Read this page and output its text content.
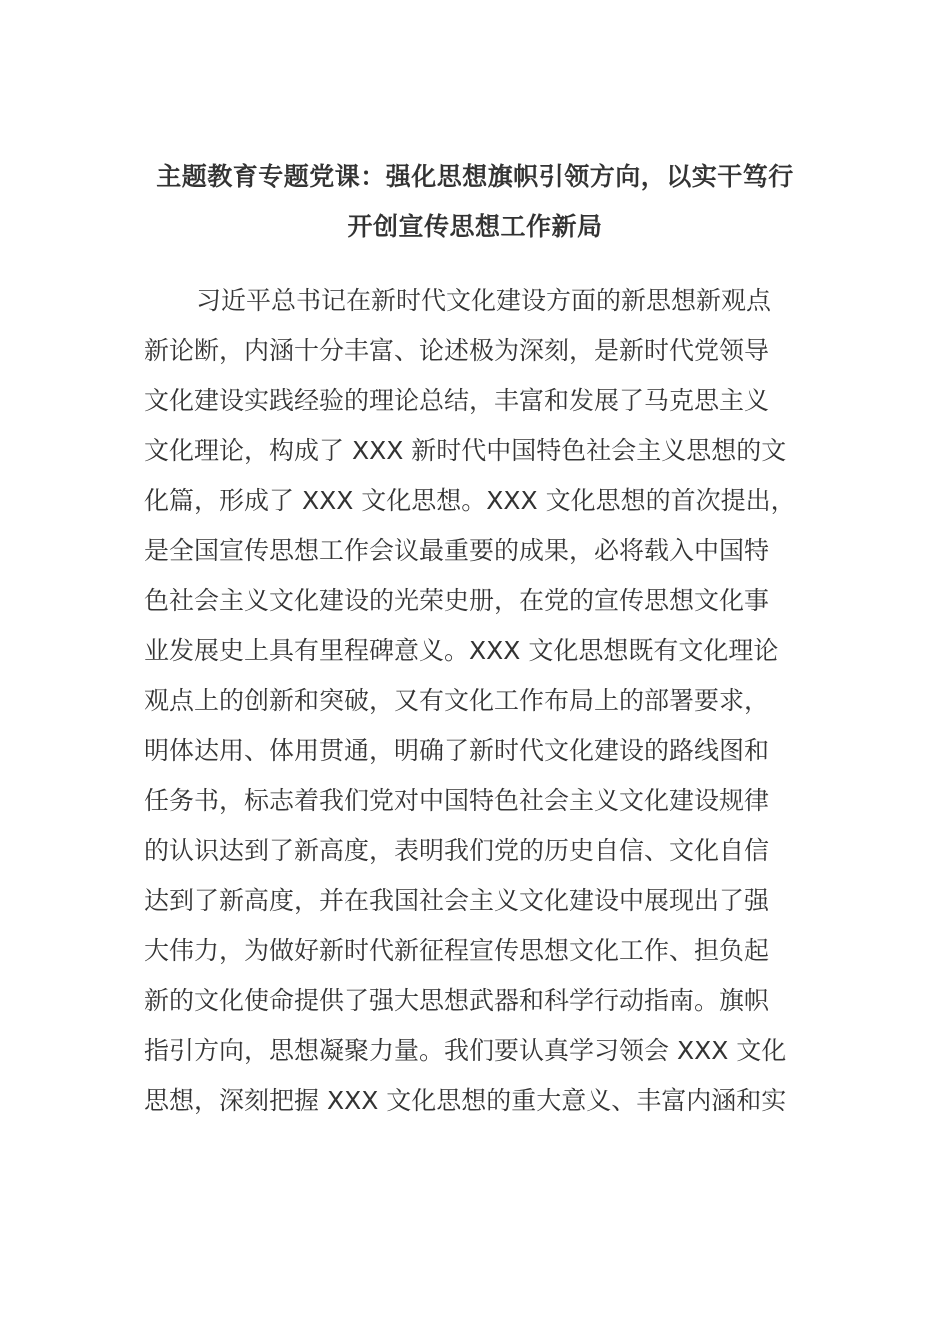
主题教育专题党课：强化思想旗帜引领方向，以实干笃行
开创宣传思想工作新局
习近平总书记在新时代文化建设方面的新思想新观点
新论断，内涵十分丰富、论述极为深刻，是新时代党领导
文化建设实践经验的理论总结，丰富和发展了马克思主义
文化理论，构成了 XXX 新时代中国特色社会主义思想的文
化篇，形成了 XXX 文化思想。XXX 文化思想的首次提出，
是全国宣传思想工作会议最重要的成果，必将载入中国特
色社会主义文化建设的光荣史册，在党的宣传思想文化事
业发展史上具有里程碑意义。XXX 文化思想既有文化理论
观点上的创新和突破，又有文化工作布局上的部署要求，
明体达用、体用贯通，明确了新时代文化建设的路线图和
任务书，标志着我们党对中国特色社会主义文化建设规律
的认识达到了新高度，表明我们党的历史自信、文化自信
达到了新高度，并在我国社会主义文化建设中展现出了强
大伟力，为做好新时代新征程宣传思想文化工作、担负起
新的文化使命提供了强大思想武器和科学行动指南。旗帜
指引方向，思想凝聚力量。我们要认真学习领会 XXX 文化
思想，深刻把握 XXX 文化思想的重大意义、丰富内涵和实
